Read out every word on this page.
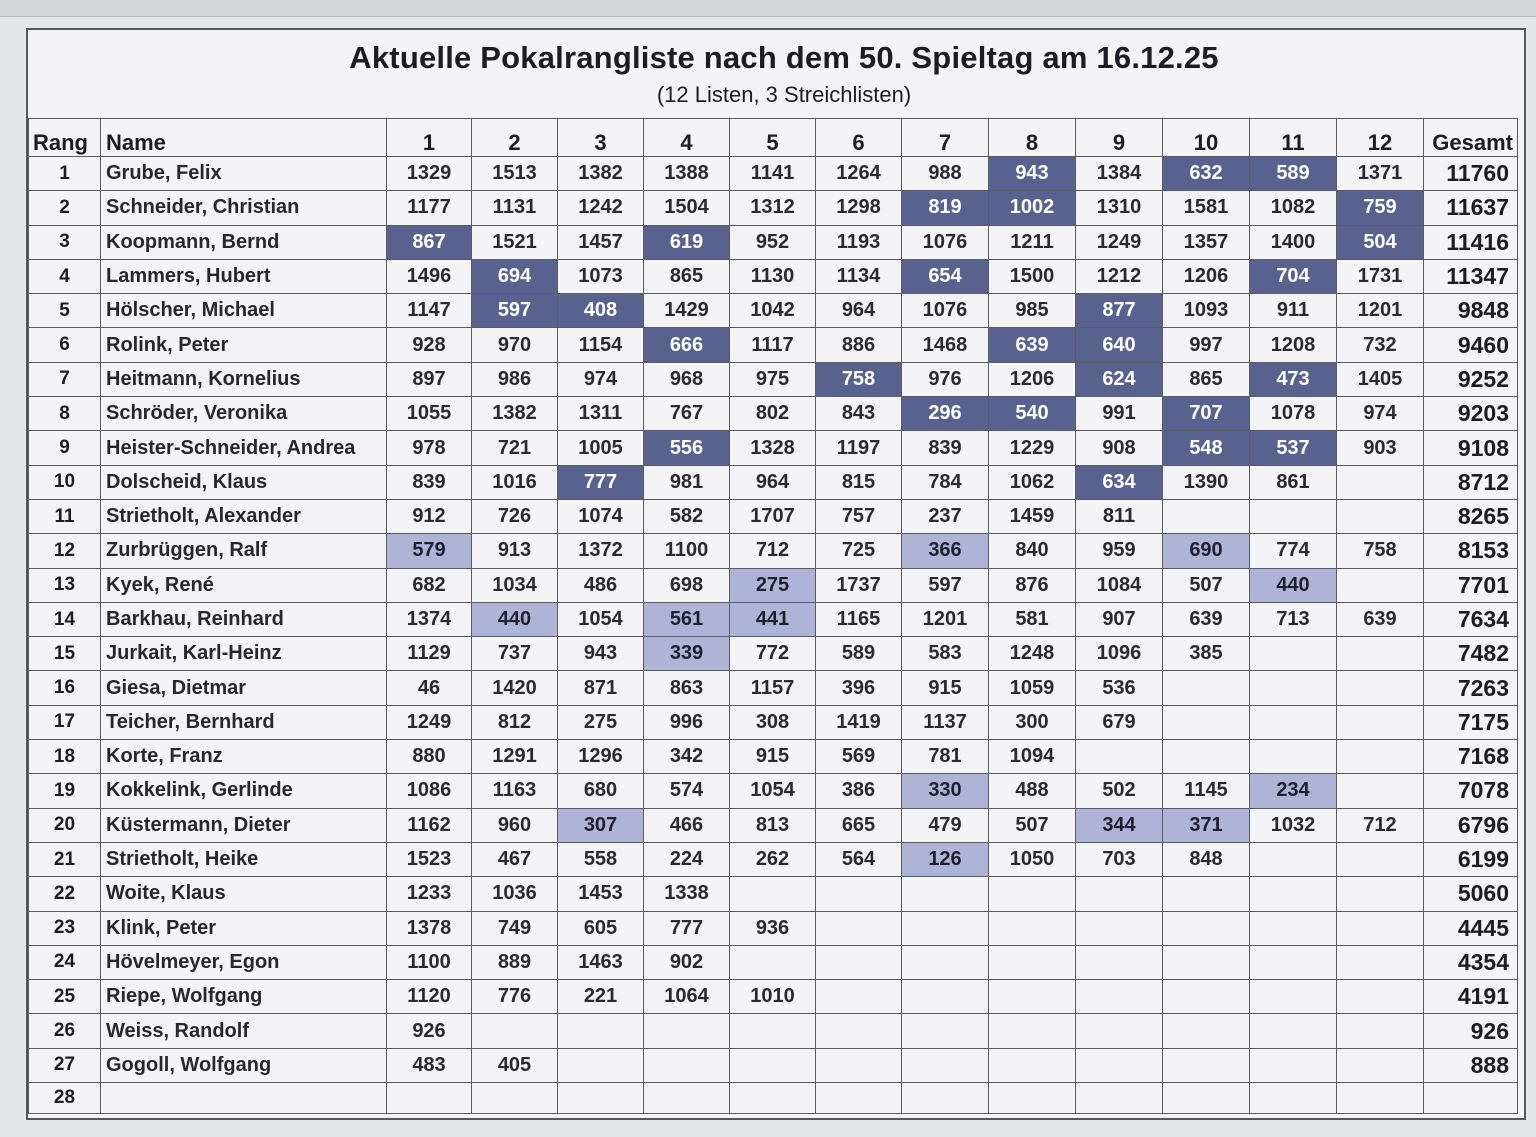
Aktuelle Pokalrangliste nach dem 50. Spieltag am 16.12.25
(12 Listen, 3 Streichlisten)
Rang	Name	1	2	3	4	5	6	7	8	9	10	11	12	Gesamt
1	Grube, Felix	1329	1513	1382	1388	1141	1264	988	943	1384	632	589	1371	11760
2	Schneider, Christian	1177	1131	1242	1504	1312	1298	819	1002	1310	1581	1082	759	11637
3	Koopmann, Bernd	867	1521	1457	619	952	1193	1076	1211	1249	1357	1400	504	11416
4	Lammers, Hubert	1496	694	1073	865	1130	1134	654	1500	1212	1206	704	1731	11347
5	Hölscher, Michael	1147	597	408	1429	1042	964	1076	985	877	1093	911	1201	9848
6	Rolink, Peter	928	970	1154	666	1117	886	1468	639	640	997	1208	732	9460
7	Heitmann, Kornelius	897	986	974	968	975	758	976	1206	624	865	473	1405	9252
8	Schröder, Veronika	1055	1382	1311	767	802	843	296	540	991	707	1078	974	9203
9	Heister-Schneider, Andrea	978	721	1005	556	1328	1197	839	1229	908	548	537	903	9108
10	Dolscheid, Klaus	839	1016	777	981	964	815	784	1062	634	1390	861		8712
11	Strietholt, Alexander	912	726	1074	582	1707	757	237	1459	811				8265
12	Zurbrüggen, Ralf	579	913	1372	1100	712	725	366	840	959	690	774	758	8153
13	Kyek, René	682	1034	486	698	275	1737	597	876	1084	507	440		7701
14	Barkhau, Reinhard	1374	440	1054	561	441	1165	1201	581	907	639	713	639	7634
15	Jurkait, Karl-Heinz	1129	737	943	339	772	589	583	1248	1096	385			7482
16	Giesa, Dietmar	46	1420	871	863	1157	396	915	1059	536				7263
17	Teicher, Bernhard	1249	812	275	996	308	1419	1137	300	679				7175
18	Korte, Franz	880	1291	1296	342	915	569	781	1094					7168
19	Kokkelink, Gerlinde	1086	1163	680	574	1054	386	330	488	502	1145	234		7078
20	Küstermann, Dieter	1162	960	307	466	813	665	479	507	344	371	1032	712	6796
21	Strietholt, Heike	1523	467	558	224	262	564	126	1050	703	848			6199
22	Woite, Klaus	1233	1036	1453	1338									5060
23	Klink, Peter	1378	749	605	777	936								4445
24	Hövelmeyer, Egon	1100	889	1463	902									4354
25	Riepe, Wolfgang	1120	776	221	1064	1010								4191
26	Weiss, Randolf	926												926
27	Gogoll, Wolfgang	483	405											888
28														
